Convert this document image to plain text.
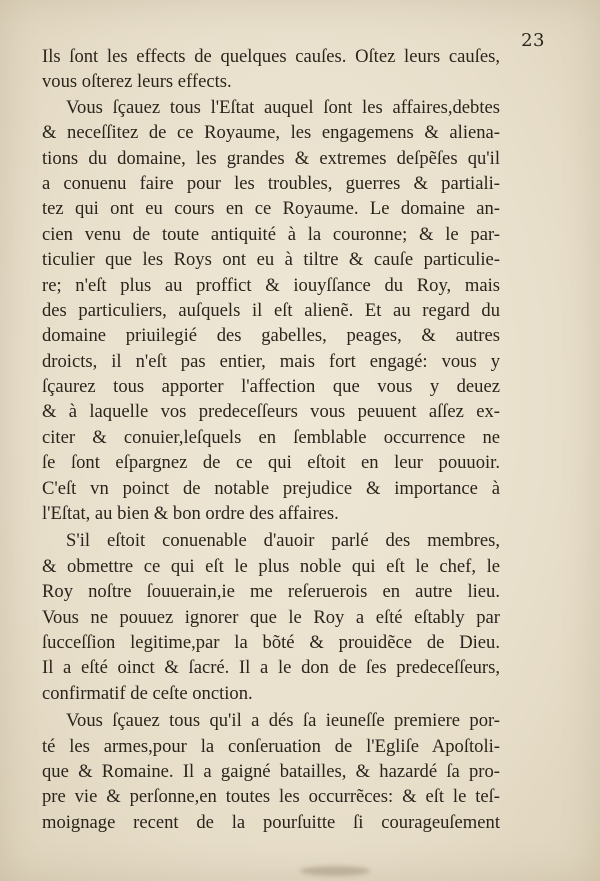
23
Ils ſont les effects de quelques cauſes. Oſtez leurs cauſes,
vous oſterez leurs effects.
Vous ſçauez tous l'Eſtat auquel ſont les affaires,debtes
& neceſſitez de ce Royaume, les engagemens & aliena-
tions du domaine, les grandes & extremes deſpẽſes qu'il
a conuenu faire pour les troubles, guerres & partiali-
tez qui ont eu cours en ce Royaume. Le domaine an-
cien venu de toute antiquité à la couronne; & le par-
ticulier que les Roys ont eu à tiltre & cauſe particulie-
re; n'eſt plus au proffict & iouyſſance du Roy, mais
des particuliers, auſquels il eſt alienẽ. Et au regard du
domaine priuilegié des gabelles, peages, & autres
droicts, il n'eſt pas entier, mais fort engagé: vous y
ſçaurez tous apporter l'affection que vous y deuez
& à laquelle vos predeceſſeurs vous peuuent aſſez ex-
citer & conuier,leſquels en ſemblable occurrence ne
ſe ſont eſpargnez de ce qui eſtoit en leur pouuoir.
C'eſt vn poinct de notable prejudice & importance à
l'Eſtat, au bien & bon ordre des affaires.
S'il eſtoit conuenable d'auoir parlé des membres,
& obmettre ce qui eſt le plus noble qui eſt le chef, le
Roy noſtre ſouuerain,ie me reſeruerois en autre lieu.
Vous ne pouuez ignorer que le Roy a eſté eſtably par
ſucceſſion legitime,par la bõté & prouidẽce de Dieu.
Il a eſté oinct & ſacré. Il a le don de ſes predeceſſeurs,
confirmatif de ceſte onction.
Vous ſçauez tous qu'il a dés ſa ieuneſſe premiere por-
té les armes,pour la conſeruation de l'Egliſe Apoſtoli-
que & Romaine. Il a gaigné batailles, & hazardé ſa pro-
pre vie & perſonne,en toutes les occurrẽces: & eſt le teſ-
moignage recent de la pourſuitte ſi courageuſement
